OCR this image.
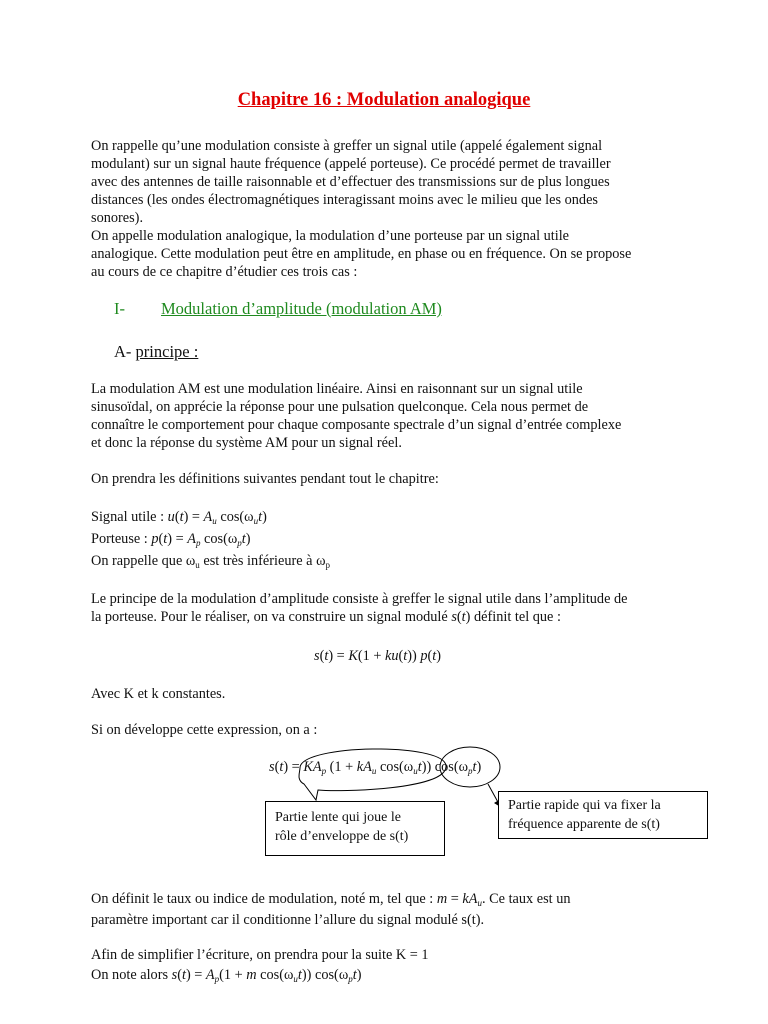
Chapitre 16 : Modulation analogique
On rappelle qu’une modulation consiste à greffer un signal utile (appelé également signal
modulant) sur un signal haute fréquence (appelé porteuse). Ce procédé permet de travailler
avec des antennes de taille raisonnable et d’effectuer des transmissions sur de plus longues
distances (les ondes électromagnétiques interagissant moins avec le milieu que les ondes
sonores).
On appelle modulation analogique, la modulation d’une porteuse par un signal utile
analogique. Cette modulation peut être en amplitude, en phase ou en fréquence. On se propose
au cours de ce chapitre d’étudier ces trois cas :
I- Modulation d’amplitude (modulation AM)
A- principe :
La modulation AM est une modulation linéaire. Ainsi en raisonnant sur un signal utile
sinusoïdal, on apprécie la réponse pour une pulsation quelconque. Cela nous permet de
connaître le comportement pour chaque composante spectrale d’un signal d’entrée complexe
et donc la réponse du système AM pour un signal réel.
On prendra les définitions suivantes pendant tout le chapitre:
Signal utile : $u(t) = A_u$ $\cos(\omega_ut)$
Porteuse : $p(t) = A_p$ $\cos(\omega_pt)$
On rappelle que $\omega_u$ est très inférieure à $\omega_p$
Le principe de la modulation d’amplitude consiste à greffer le signal utile dans l’amplitude de
la porteuse. Pour le réaliser, on va construire un signal modulé s(t) définit tel que :
s(t) = K(1 + ku(t)) p(t)
Avec K et k constantes.
Si on développe cette expression, on a :
$s(t) = KA_p$ ($1 + kA_u$ $\cos(\omega_ut)$) $\cos(\omega_pt)$
Partie lente qui joue le
rôle d’enveloppe de s(t)
Partie rapide qui va fixer la
fréquence apparente de s(t)
On définit le taux ou indice de modulation, noté m, tel que : $m = kA_u$. Ce taux est un
paramètre important car il conditionne l’allure du signal modulé s(t).
Afin de simplifier l’écriture, on prendra pour la suite K = 1
On note alors $s(t) = A_p(1 + m$ $\cos(\omega_ut)$) $\cos(\omega_pt)$
